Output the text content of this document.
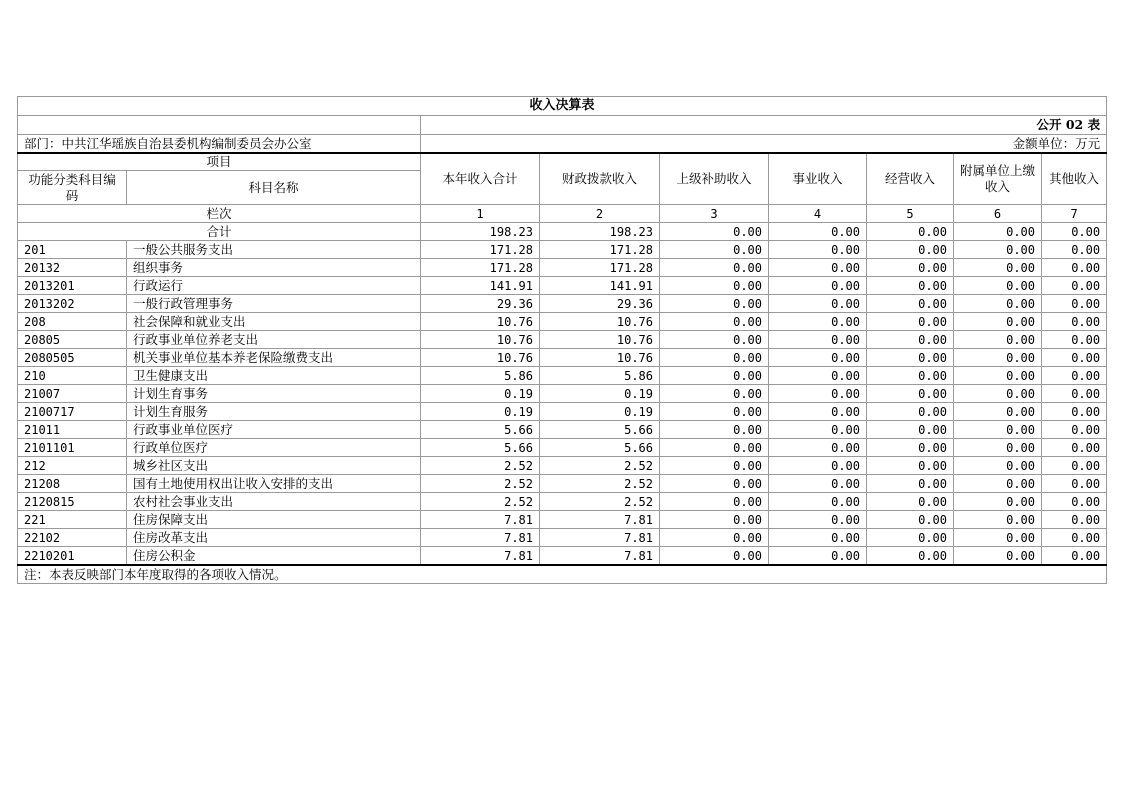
收入决算表								
		公开 02 表						
部门：中共江华瑶族自治县委机构编制委员会办公室		金额单位：万元						
项目		本年收入合计	财政拨款收入	上级补助收入	事业收入	经营收入	附属单位上缴收入	其他收入
功能分类科目编码	科目名称							
栏次		1	2	3	4	5	6	7
合计		198.23	198.23	0.00	0.00	0.00	0.00	0.00
201	一般公共服务支出	171.28	171.28	0.00	0.00	0.00	0.00	0.00
20132	组织事务	171.28	171.28	0.00	0.00	0.00	0.00	0.00
2013201	行政运行	141.91	141.91	0.00	0.00	0.00	0.00	0.00
2013202	一般行政管理事务	29.36	29.36	0.00	0.00	0.00	0.00	0.00
208	社会保障和就业支出	10.76	10.76	0.00	0.00	0.00	0.00	0.00
20805	行政事业单位养老支出	10.76	10.76	0.00	0.00	0.00	0.00	0.00
2080505	机关事业单位基本养老保险缴费支出	10.76	10.76	0.00	0.00	0.00	0.00	0.00
210	卫生健康支出	5.86	5.86	0.00	0.00	0.00	0.00	0.00
21007	计划生育事务	0.19	0.19	0.00	0.00	0.00	0.00	0.00
2100717	计划生育服务	0.19	0.19	0.00	0.00	0.00	0.00	0.00
21011	行政事业单位医疗	5.66	5.66	0.00	0.00	0.00	0.00	0.00
2101101	行政单位医疗	5.66	5.66	0.00	0.00	0.00	0.00	0.00
212	城乡社区支出	2.52	2.52	0.00	0.00	0.00	0.00	0.00
21208	国有土地使用权出让收入安排的支出	2.52	2.52	0.00	0.00	0.00	0.00	0.00
2120815	农村社会事业支出	2.52	2.52	0.00	0.00	0.00	0.00	0.00
221	住房保障支出	7.81	7.81	0.00	0.00	0.00	0.00	0.00
22102	住房改革支出	7.81	7.81	0.00	0.00	0.00	0.00	0.00
2210201	住房公积金	7.81	7.81	0.00	0.00	0.00	0.00	0.00
注：本表反映部门本年度取得的各项收入情况。								
